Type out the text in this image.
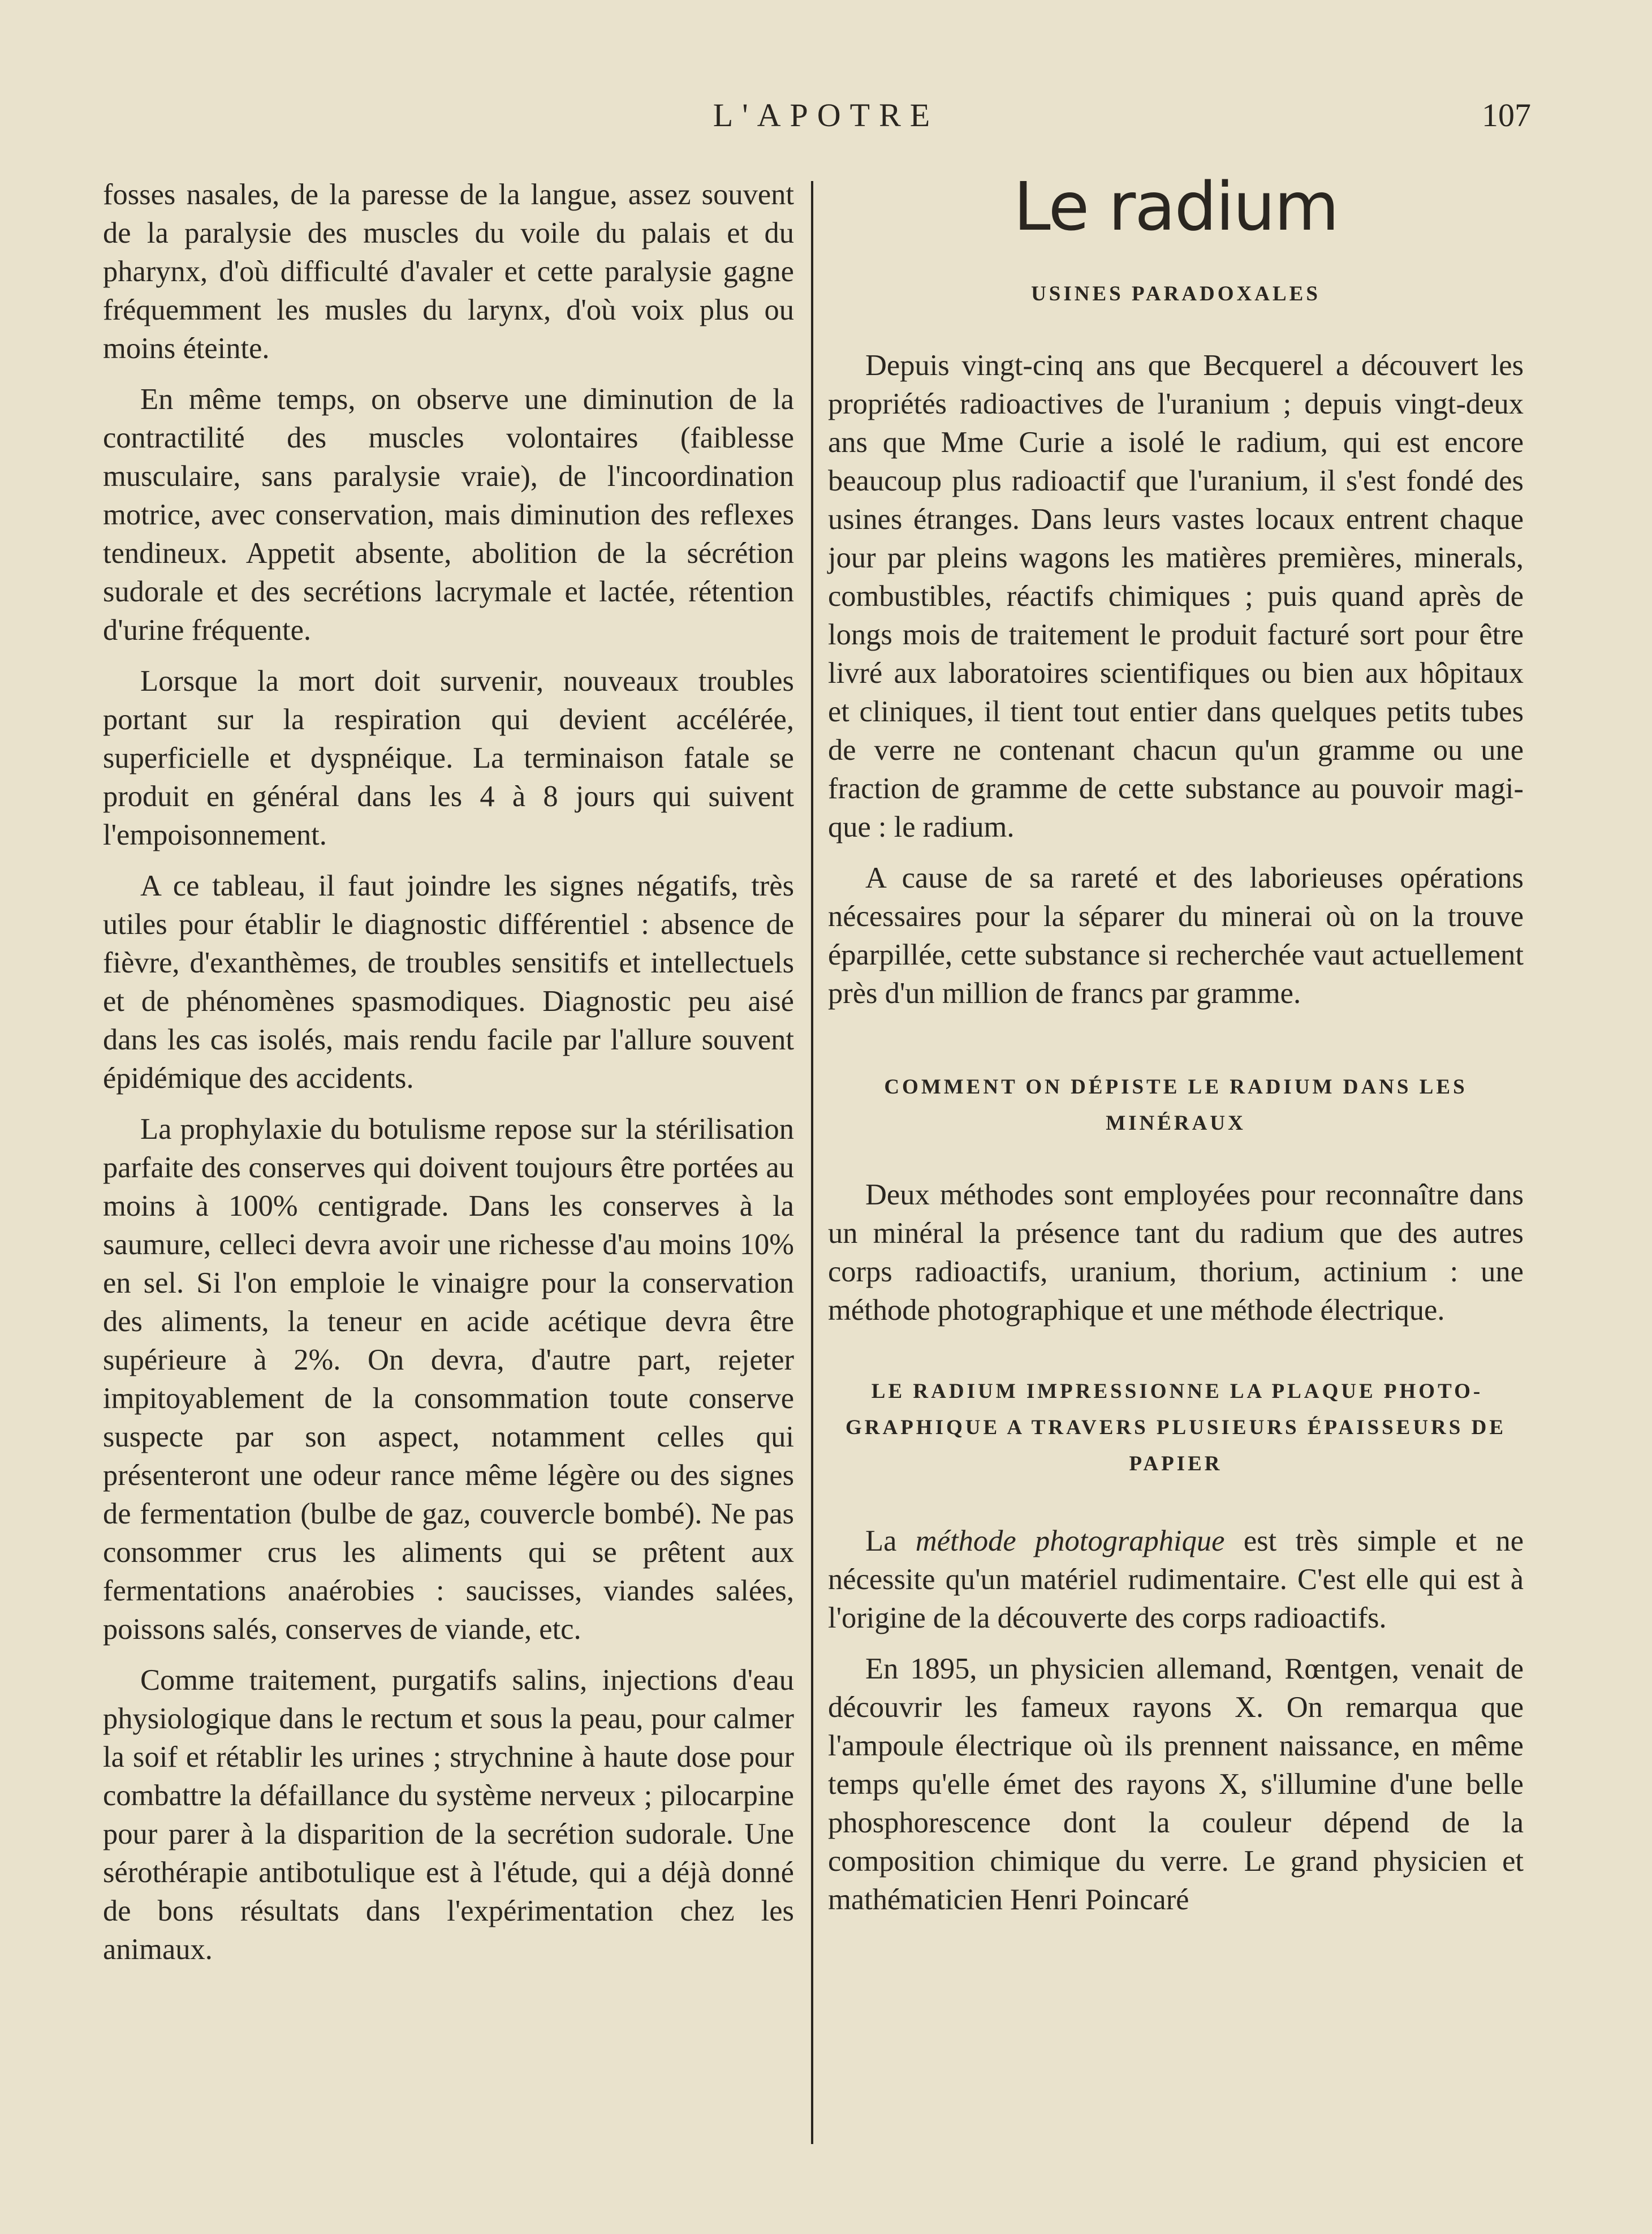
L'APOTRE	107

fosses nasales, de la paresse de la langue, assez souvent de la paralysie des muscles du voile du palais et du pharynx, d'où difficulté d'avaler et cette paralysie gagne fréquemment les musles du larynx, d'où voix plus ou moins éteinte.

En même temps, on observe une diminution de la contractilité des muscles volontaires (faiblesse musculaire, sans paralysie vraie), de l'incoordination motrice, avec conservation, mais diminution des reflexes tendineux. Appetit absente, abolition de la sécrétion sudorale et des secrétions lacrymale et lactée, rétention d'urine fréquente.

Lorsque la mort doit survenir, nouveaux troubles portant sur la respiration qui devient accélérée, superficielle et dyspnéique. La terminaison fatale se produit en général dans les 4 à 8 jours qui suivent l'empoisonnement.

A ce tableau, il faut joindre les signes négatifs, très utiles pour établir le diagnostic différentiel : absence de fièvre, d'exanthèmes, de troubles sensitifs et intellectuels et de phénomènes spasmodiques. Diagnostic peu aisé dans les cas isolés, mais rendu facile par l'allure souvent épidémique des accidents.

La prophylaxie du botulisme repose sur la stérilisation parfaite des conserves qui doivent toujours être portées au moins à 100% centigrade. Dans les conserves à la saumure, celleci devra avoir une richesse d'au moins 10% en sel. Si l'on emploie le vinaigre pour la conservation des aliments, la teneur en acide acétique devra être supérieure à 2%. On devra, d'autre part, rejeter impitoyablement de la consommation toute conserve suspecte par son aspect, notamment celles qui présenteront une odeur rance même légère ou des signes de fermentation (bulbe de gaz, couvercle bombé). Ne pas consommer crus les aliments qui se prêtent aux fermentations anaérobies : saucisses, viandes salées, poissons salés, conserves de viande, etc.

Comme traitement, purgatifs salins, injections d'eau physiologique dans le rectum et sous la peau, pour calmer la soif et rétablir les urines ; strychnine à haute dose pour combattre la défaillance du système nerveux ; pilocarpine pour parer à la disparition de la secrétion sudorale. Une sérothérapie antibotulique est à l'étude, qui a déjà donné de bons résultats dans l'expérimentation chez les animaux.

Le radium
USINES PARADOXALES

Depuis vingt-cinq ans que Becquerel a découvert les propriétés radioactives de l'uranium ; depuis vingt-deux ans que Mme Curie a isolé le radium, qui est encore beaucoup plus radioactif que l'uranium, il s'est fondé des usines étranges. Dans leurs vastes locaux entrent chaque jour par pleins wagons les matières premières, minerals, combustibles, réactifs chimiques ; puis quand après de longs mois de traitement le produit facturé sort pour être livré aux laboratoires scientifiques ou bien aux hôpitaux et cliniques, il tient tout entier dans quelques petits tubes de verre ne contenant chacun qu'un gramme ou une fraction de gramme de cette substance au pouvoir magique : le radium.

A cause de sa rareté et des laborieuses opérations nécessaires pour la séparer du minerai où on la trouve éparpillée, cette substance si recherchée vaut actuellement près d'un million de francs par gramme.

COMMENT ON DÉPISTE LE RADIUM DANS LES MINÉRAUX

Deux méthodes sont employées pour reconnaître dans un minéral la présence tant du radium que des autres corps radioactifs, uranium, thorium, actinium : une méthode photographique et une méthode électrique.

LE RADIUM IMPRESSIONNE LA PLAQUE PHOTOGRAPHIQUE A TRAVERS PLUSIEURS ÉPAISSEURS DE PAPIER

La méthode photographique est très simple et ne nécessite qu'un matériel rudimentaire. C'est elle qui est à l'origine de la découverte des corps radioactifs.

En 1895, un physicien allemand, Rœntgen, venait de découvrir les fameux rayons X. On remarqua que l'ampoule électrique où ils prennent naissance, en même temps qu'elle émet des rayons X, s'illumine d'une belle phosphorescence dont la couleur dépend de la composition chimique du verre. Le grand physicien et mathématicien Henri Poincaré
